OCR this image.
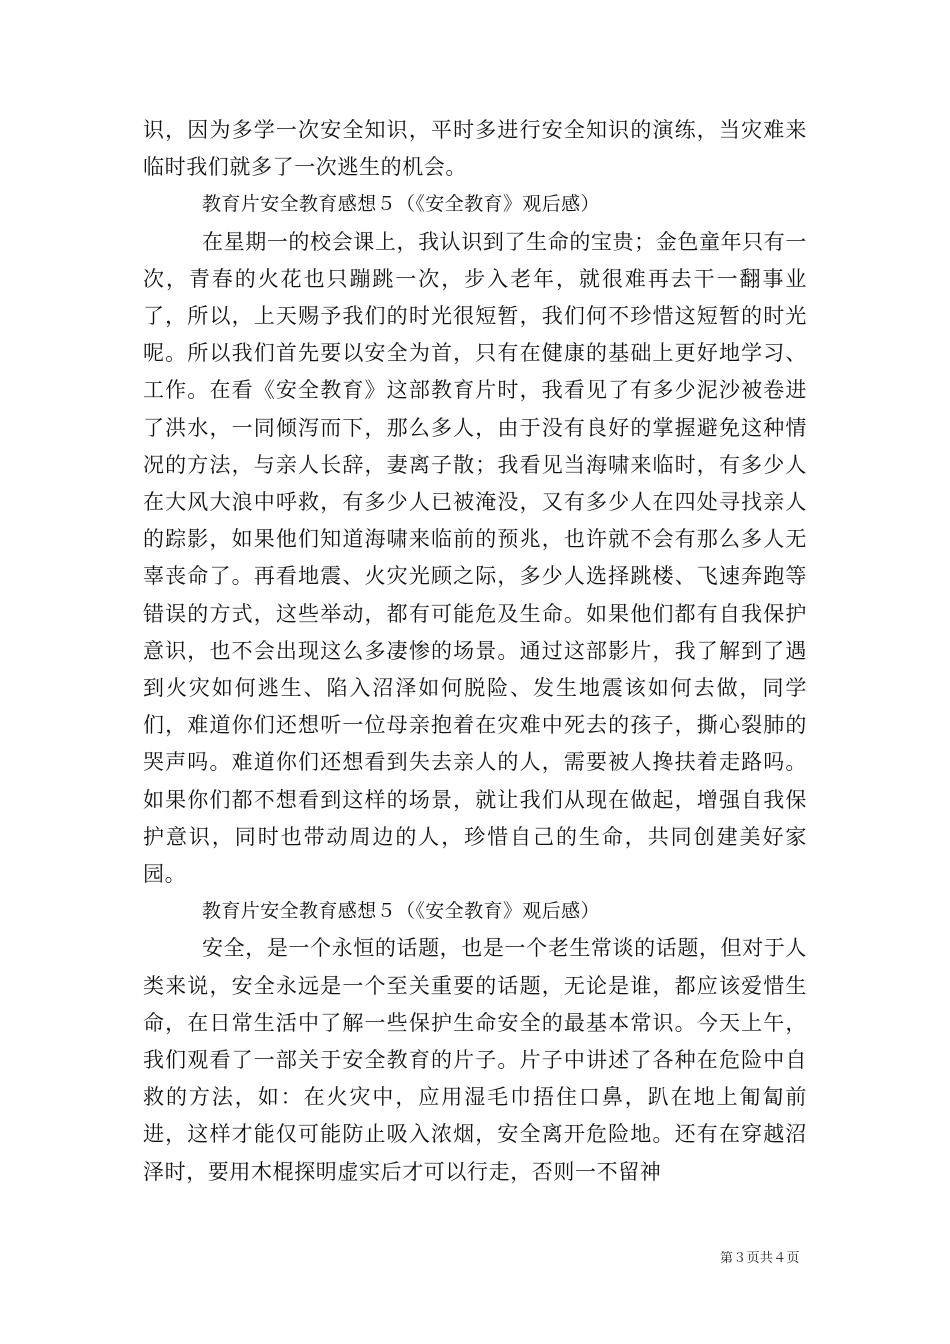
识，因为多学一次安全知识，平时多进行安全知识的演练，当灾难来临时我们就多了一次逃生的机会。

教育片安全教育感想５（《安全教育》观后感）

在星期一的校会课上，我认识到了生命的宝贵；金色童年只有一次，青春的火花也只蹦跳一次，步入老年，就很难再去干一翻事业了，所以，上天赐予我们的时光很短暂，我们何不珍惜这短暂的时光呢。所以我们首先要以安全为首，只有在健康的基础上更好地学习、工作。在看《安全教育》这部教育片时，我看见了有多少泥沙被卷进了洪水，一同倾泻而下，那么多人，由于没有良好的掌握避免这种情况的方法，与亲人长辞，妻离子散；我看见当海啸来临时，有多少人在大风大浪中呼救，有多少人已被淹没，又有多少人在四处寻找亲人的踪影，如果他们知道海啸来临前的预兆，也许就不会有那么多人无辜丧命了。再看地震、火灾光顾之际，多少人选择跳楼、飞速奔跑等错误的方式，这些举动，都有可能危及生命。如果他们都有自我保护意识，也不会出现这么多凄惨的场景。通过这部影片，我了解到了遇到火灾如何逃生、陷入沼泽如何脱险、发生地震该如何去做，同学们，难道你们还想听一位母亲抱着在灾难中死去的孩子，撕心裂肺的哭声吗。难道你们还想看到失去亲人的人，需要被人搀扶着走路吗。如果你们都不想看到这样的场景，就让我们从现在做起，增强自我保护意识，同时也带动周边的人，珍惜自己的生命，共同创建美好家园。

教育片安全教育感想５（《安全教育》观后感）

安全，是一个永恒的话题，也是一个老生常谈的话题，但对于人类来说，安全永远是一个至关重要的话题，无论是谁，都应该爱惜生命，在日常生活中了解一些保护生命安全的最基本常识。今天上午，我们观看了一部关于安全教育的片子。片子中讲述了各种在危险中自救的方法，如：在火灾中，应用湿毛巾捂住口鼻，趴在地上匍匐前进，这样才能仅可能防止吸入浓烟，安全离开危险地。还有在穿越沼泽时，要用木棍探明虚实后才可以行走，否则一不留神

第３页共４页
